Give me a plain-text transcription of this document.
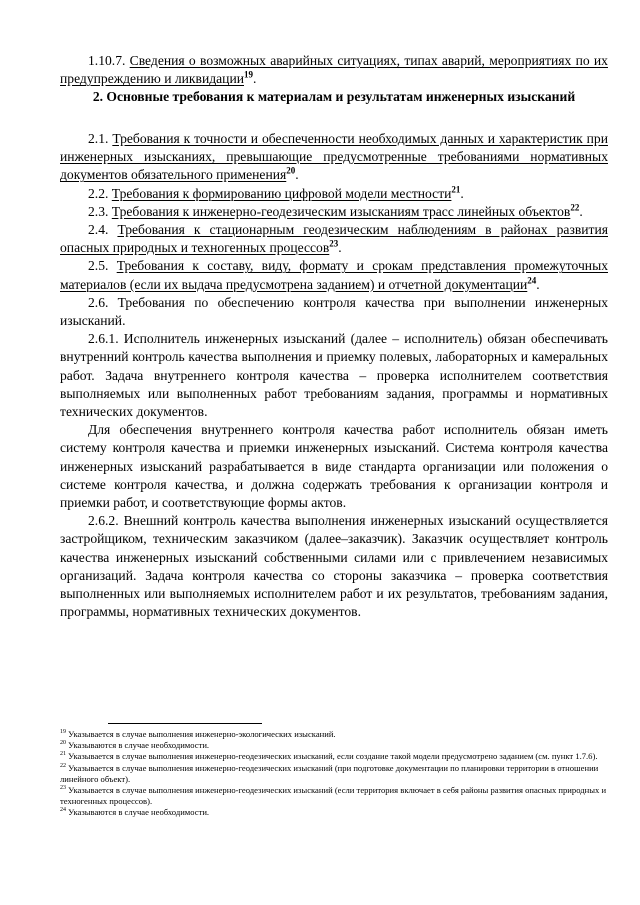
1.10.7. Сведения о возможных аварийных ситуациях, типах аварий, мероприятиях по их предупреждению и ликвидации$^{19}$.

2. Основные требования к материалам и результатам инженерных изысканий

2.1. Требования к точности и обеспеченности необходимых данных и характеристик при инженерных изысканиях, превышающие предусмотренные требованиями нормативных документов обязательного применения$^{20}$.

2.2. Требования к формированию цифровой модели местности$^{21}$.

2.3. Требования к инженерно-геодезическим изысканиям трасс линейных объектов$^{22}$.

2.4. Требования к стационарным геодезическим наблюдениям в районах развития опасных природных и техногенных процессов$^{23}$.

2.5. Требования к составу, виду, формату и срокам представления промежуточных материалов (если их выдача предусмотрена заданием) и отчетной документации$^{24}$.

2.6. Требования по обеспечению контроля качества при выполнении инженерных изысканий.

2.6.1. Исполнитель инженерных изысканий (далее – исполнитель) обязан обеспечивать внутренний контроль качества выполнения и приемку полевых, лабораторных и камеральных работ. Задача внутреннего контроля качества – проверка исполнителем соответствия выполняемых или выполненных работ требованиям задания, программы и нормативных технических документов.

Для обеспечения внутреннего контроля качества работ исполнитель обязан иметь систему контроля качества и приемки инженерных изысканий. Система контроля качества инженерных изысканий разрабатывается в виде стандарта организации или положения о системе контроля качества, и должна содержать требования к организации контроля и приемки работ, и соответствующие формы актов.

2.6.2. Внешний контроль качества выполнения инженерных изысканий осуществляется застройщиком, техническим заказчиком (далее–заказчик). Заказчик осуществляет контроль качества инженерных изысканий собственными силами или с привлечением независимых организаций. Задача контроля качества со стороны заказчика – проверка соответствия выполненных или выполняемых исполнителем работ и их результатов, требованиям задания, программы, нормативных технических документов.

$^{19}$ Указывается в случае выполнения инженерно-экологических изысканий.

$^{20}$ Указываются в случае необходимости.

$^{21}$ Указывается в случае выполнения инженерно-геодезических изысканий, если создание такой модели предусмотрено заданием (см. пункт 1.7.6).

$^{22}$ Указывается в случае выполнения инженерно-геодезических изысканий (при подготовке документации по планировки территории в отношении линейного объект).

$^{23}$ Указывается в случае выполнения инженерно-геодезических изысканий (если территория включает в себя районы развития опасных природных и техногенных процессов).

$^{24}$ Указываются в случае необходимости.
